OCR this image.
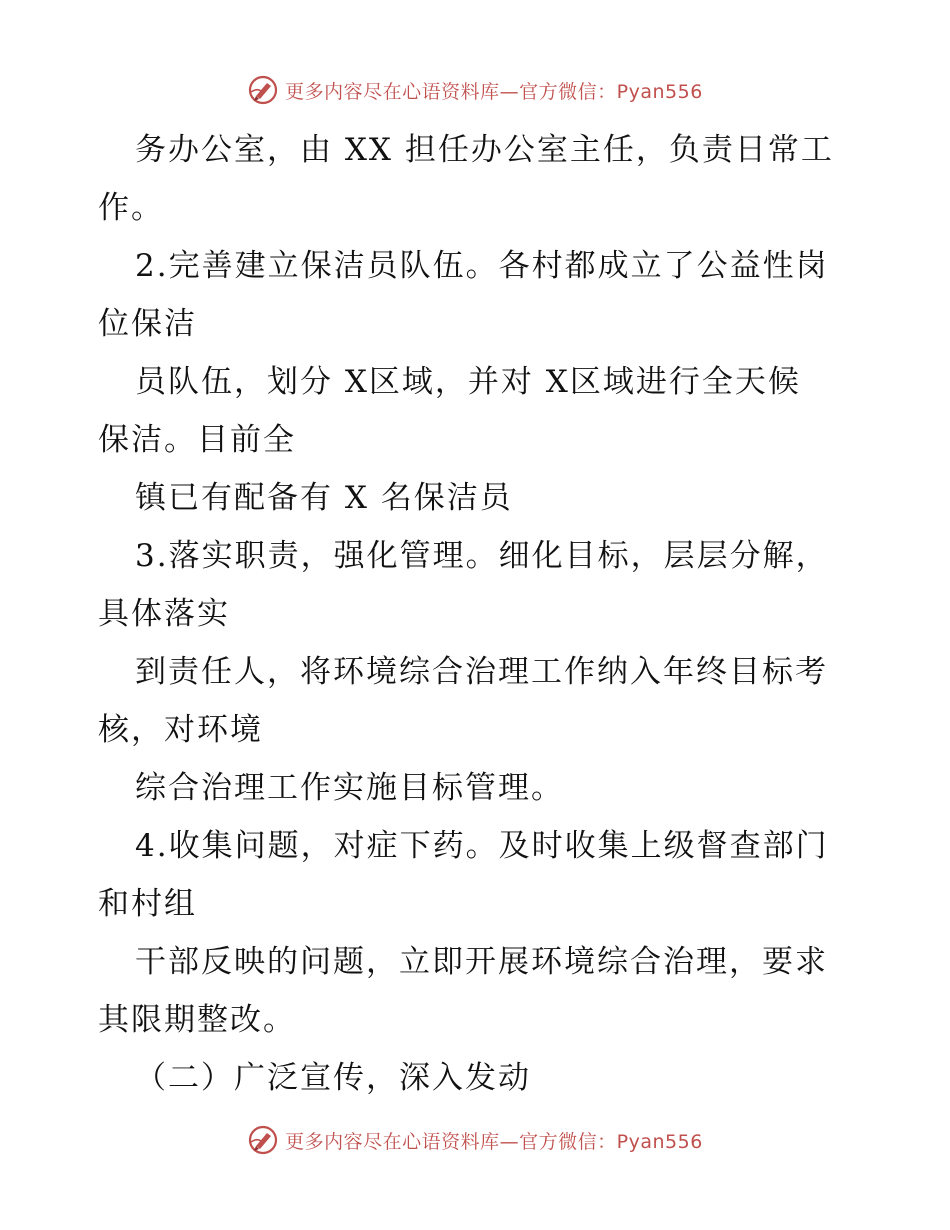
更多内容尽在心语资料库—官方微信：Pyan556
务办公室，由 XX 担任办公室主任，负责日常工
作。
2.完善建立保洁员队伍。各村都成立了公益性岗
位保洁
员队伍，划分 X区域，并对 X区域进行全天候
保洁。目前全
镇已有配备有 X 名保洁员
3.落实职责，强化管理。细化目标，层层分解，
具体落实
到责任人，将环境综合治理工作纳入年终目标考
核，对环境
综合治理工作实施目标管理。
4.收集问题，对症下药。及时收集上级督查部门
和村组
干部反映的问题，立即开展环境综合治理，要求
其限期整改。
（二）广泛宣传，深入发动
更多内容尽在心语资料库—官方微信：Pyan556
